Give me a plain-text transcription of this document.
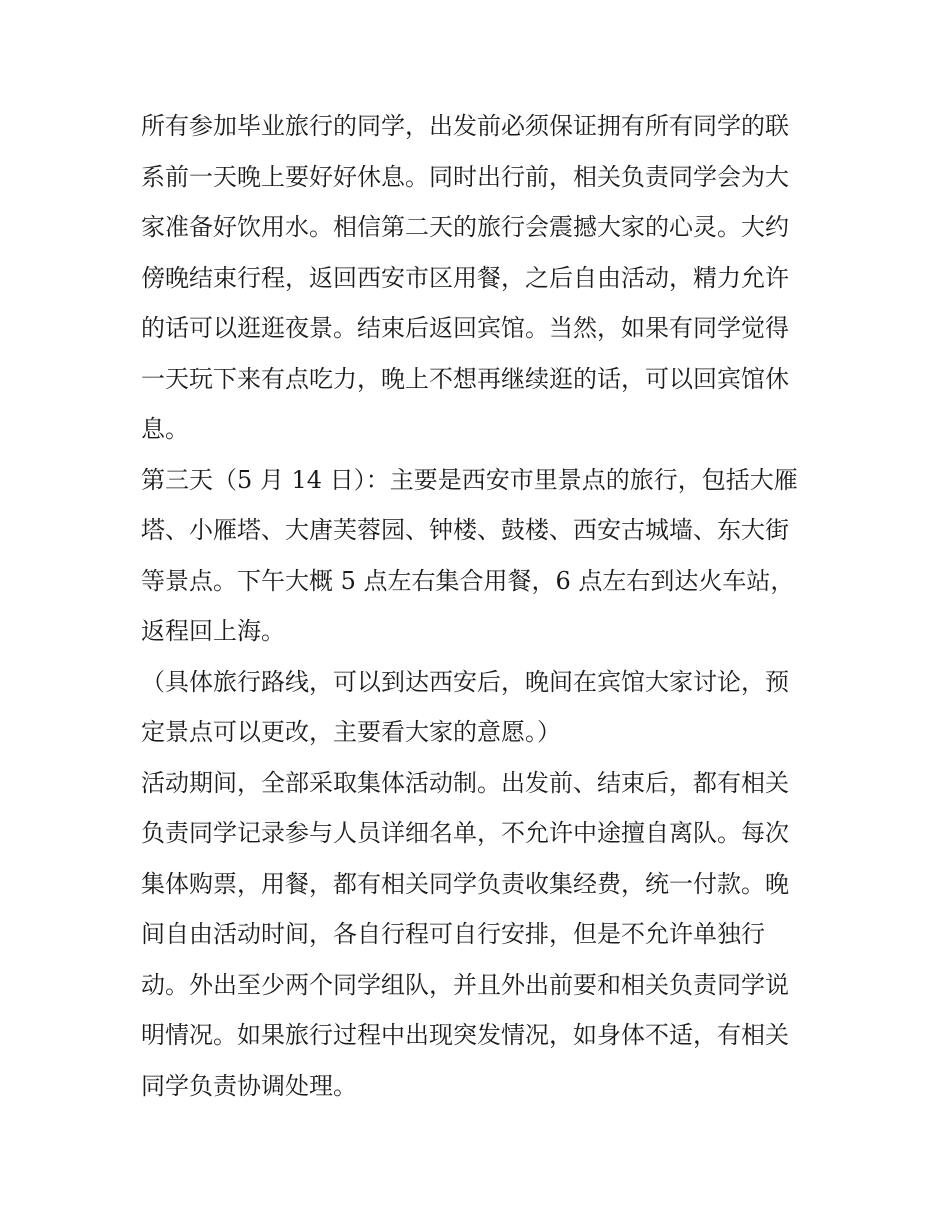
所有参加毕业旅行的同学，出发前必须保证拥有所有同学的联
系前一天晚上要好好休息。同时出行前，相关负责同学会为大
家准备好饮用水。相信第二天的旅行会震撼大家的心灵。大约
傍晚结束行程，返回西安市区用餐，之后自由活动，精力允许
的话可以逛逛夜景。结束后返回宾馆。当然，如果有同学觉得
一天玩下来有点吃力，晚上不想再继续逛的话，可以回宾馆休
息。
第三天（5 月 14 日）：主要是西安市里景点的旅行，包括大雁
塔、小雁塔、大唐芙蓉园、钟楼、鼓楼、西安古城墙、东大街
等景点。下午大概 5 点左右集合用餐，6 点左右到达火车站，
返程回上海。
（具体旅行路线，可以到达西安后，晚间在宾馆大家讨论，预
定景点可以更改，主要看大家的意愿。）
活动期间，全部采取集体活动制。出发前、结束后，都有相关
负责同学记录参与人员详细名单，不允许中途擅自离队。每次
集体购票，用餐，都有相关同学负责收集经费，统一付款。晚
间自由活动时间，各自行程可自行安排，但是不允许单独行
动。外出至少两个同学组队，并且外出前要和相关负责同学说
明情况。如果旅行过程中出现突发情况，如身体不适，有相关
同学负责协调处理。
